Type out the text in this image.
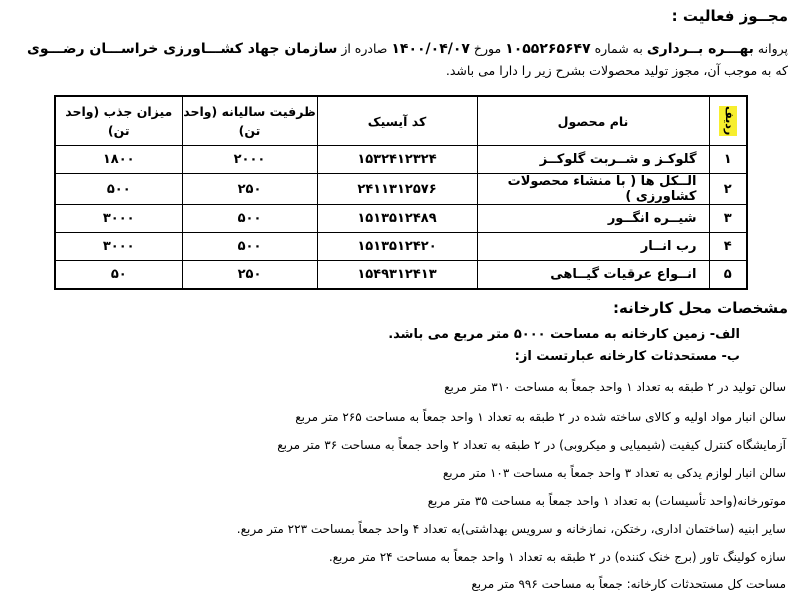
مجــوز فعالیت :
پروانه بهـــره بــرداری به شماره ۱۰۵۵۲۶۵۶۴۷ مورخ ۱۴۰۰/۰۴/۰۷ صادره از سازمان جهاد کشـــاورزی خراســـان رضـــوی که به موجب آن، مجوز تولید محصولات بشرح زیر را دارا می باشد.
ردیف	نام محصول	کد آیسیک	ظرفیت سالیانه (واحد تن)	میزان جذب (واحد تن)
۱	گلوکـز و شــربت گلوکــز	۱۵۳۲۴۱۲۳۲۴	۲۰۰۰	۱۸۰۰
۲	الــکل ها ( با منشاء محصولات کشاورزی )	۲۴۱۱۳۱۲۵۷۶	۲۵۰	۵۰۰
۳	شیــره انگــور	۱۵۱۳۵۱۲۴۸۹	۵۰۰	۳۰۰۰
۴	رب انــار	۱۵۱۳۵۱۲۴۲۰	۵۰۰	۳۰۰۰
۵	انــواع عرقیات گیــاهی	۱۵۴۹۳۱۲۴۱۳	۲۵۰	۵۰
مشخصات محل کارخانه:
الف- زمین کارخانه به مساحت ۵۰۰۰ متر مربع می باشد.
ب- مستحدثات کارخانه عبارتست از:
سالن تولید در ۲ طبقه به تعداد ۱ واحد جمعاً به مساحت ۳۱۰ متر مربع
سالن انبار مواد اولیه و کالای ساخته شده در ۲ طبقه به تعداد ۱ واحد جمعاً به مساحت ۲۶۵ متر مربع
آزمایشگاه کنترل کیفیت (شیمیایی و میکروبی) در ۲ طبقه به تعداد ۲ واحد جمعاً به مساحت ۳۶ متر مربع
سالن انبار لوازم یدکی به تعداد ۳ واحد جمعاً به مساحت ۱۰۳ متر مربع
موتورخانه(واحد تأسیسات) به تعداد ۱ واحد جمعاً به مساحت ۳۵ متر مربع
سایر ابنیه (ساختمان اداری، رختکن، نمازخانه و سرویس بهداشتی)به تعداد ۴ واحد جمعاً بمساحت ۲۲۳ متر مربع.
سازه کولینگ تاور (برج خنک کننده) در ۲ طبقه به تعداد ۱ واحد جمعاً به مساحت ۲۴ متر مربع.
مساحت کل مستحدثات کارخانه: جمعاً به مساحت ۹۹۶ متر مربع
